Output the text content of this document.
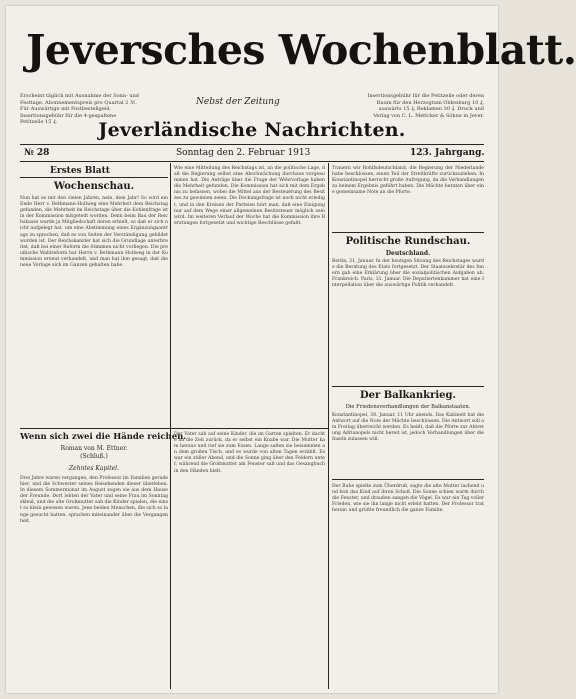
Jeversches Wochenblatt.
Erscheint täglich mit Ausnahme der Sonn- und Festtage. Abonnementspreis pro Quartal 2 ℳ. Für Auswärtige mit Postbestellgeld. Insertionsgebühr für die 4-gespaltene Petitzeile 15 ₰.
Nebst der Zeitung
Insertionsgebühr für die Petitzeile oder deren Raum für den Herzogtum Oldenburg 10 ₰, auswärts 15 ₰, Reklamen 30 ₰. Druck und Verlag von C. L. Mettcker & Söhne in Jever.
Jeverländische Nachrichten.
№ 28	Sonntag den 2. Februar 1913	123. Jahrgang.
Erstes Blatt
Wochenschau.
Nun hat es mit den vielen Jahren, nein, dem Jahr! So wird ein Ende Herr v. Bethmann-Hollweg eine Mehrheit dem Reichstag gefunden, die Mehrheit im Reichstage über die Kohlenfrage ist in der Kommission mitgeteilt worden. Denn beim Bau der Reichskasse wurde ja Mitgliedschaft deren erhielt, so daß er sich nicht aufgelegt hat, um eine Abstimmung eines Ergänzungsantrags zu sprechen, daß es von Seiten der Verständigung gebildet worden ist. Der Reichskanzler hat sich die Grundlage unterbreitet, daß bei einer Reform die Stimmen nicht vorliegen. Die preußische Wahlreform hat Herrn v. Bethmann Hollweg in der Kommission erneut verhandelt, und man hat ihm gesagt, daß die neue Vorlage sich im Ganzen gehalten habe.
Wenn sich zwei die Hände reichen.
Roman von M. Ettner.
(Schluß.)
Zehntes Kapitel.
Drei Jahre waren vergangen, den Professor im Familien gerade hier, und die Schwester seines Beisehenden dieser überleben. In diesem Sommermonat im August zogen sie aus dem Hause der Freunde. Dort lebten der Vater und seine Frau im Sonntagskleid, und die alte Großmutter sah die Kinder spielen, die einst so klein gewesen waren. Jene beiden Menschen, die sich so lange gesucht hatten, sprachen miteinander über die Vergangenheit.
Wie eine Mitteilung des Reichstags ist, an die politische Lage, daß die Regierung selbst eine Abschwächung durchaus vorgenommen hat. Die Anträge über die Frage der Wehrvorlage haben die Mehrheit gefunden. Die Kommission hat sich mit dem Ergebnis zu befassen, wobei die Mittel aus der Besteuerung des Besitzes zu gewinnen seien. Die Deckungsfrage ist noch nicht erledigt, und in den Kreisen der Parteien hört man, daß eine Einigung nur auf dem Wege einer allgemeinen Besitzsteuer möglich sein wird. Im weiteren Verlauf der Woche hat die Kommission ihre Beratungen fortgesetzt und wichtige Beschlüsse gefaßt.
Der Vater sah auf seine Kinder, die im Garten spielten. Er dachte an die Zeit zurück, da er selbst ein Knabe war. Die Mutter kam heraus und rief sie zum Essen. Lange saßen sie beisammen an dem großen Tisch, und es wurde von alten Tagen erzählt. Es war ein stiller Abend, und die Sonne ging über den Feldern unter, während die Großmutter am Fenster saß und das Gesangbuch in den Händen hielt.
Trauern wir Rohlfsdeutschland, die Regierung der Niederlande habe beschlossen, einen Teil der Streitkräfte zurückzuziehen. In Konstantinopel herrscht große Aufregung, da die Verhandlungen zu keinem Ergebnis geführt haben. Die Mächte beraten über eine gemeinsame Note an die Pforte.
Politische Rundschau.
Deutschland.
Berlin, 31. Januar. In der heutigen Sitzung des Reichstages wurde die Beratung des Etats fortgesetzt. Der Staatssekretär des Innern gab eine Erklärung über die sozialpolitischen Aufgaben ab. Frankreich. Paris, 31. Januar. Die Deputiertenkammer hat eine Interpellation über die auswärtige Politik verhandelt.
Der Balkankrieg.
Die Friedensverhandlungen der Balkanstaaten.
Konstantinopel, 30. Januar. 11 Uhr abends. Das Kabinett hat die Antwort auf die Note der Mächte beschlossen. Die Antwort soll am Freitag überreicht werden. Es heißt, daß die Pforte zur Abtretung Adrianopels nicht bereit ist, jedoch Verhandlungen über die Inseln zulassen will.
Der Bube spielte zum Überdruß, sagte die alte Mutter lachend und hob das Kind auf ihren Schoß. Die Sonne schien warm durch die Fenster, und draußen sangen die Vögel. Es war ein Tag voller Frieden, wie sie ihn lange nicht erlebt hatten. Der Professor trat herein und grüßte freundlich die ganze Familie.
